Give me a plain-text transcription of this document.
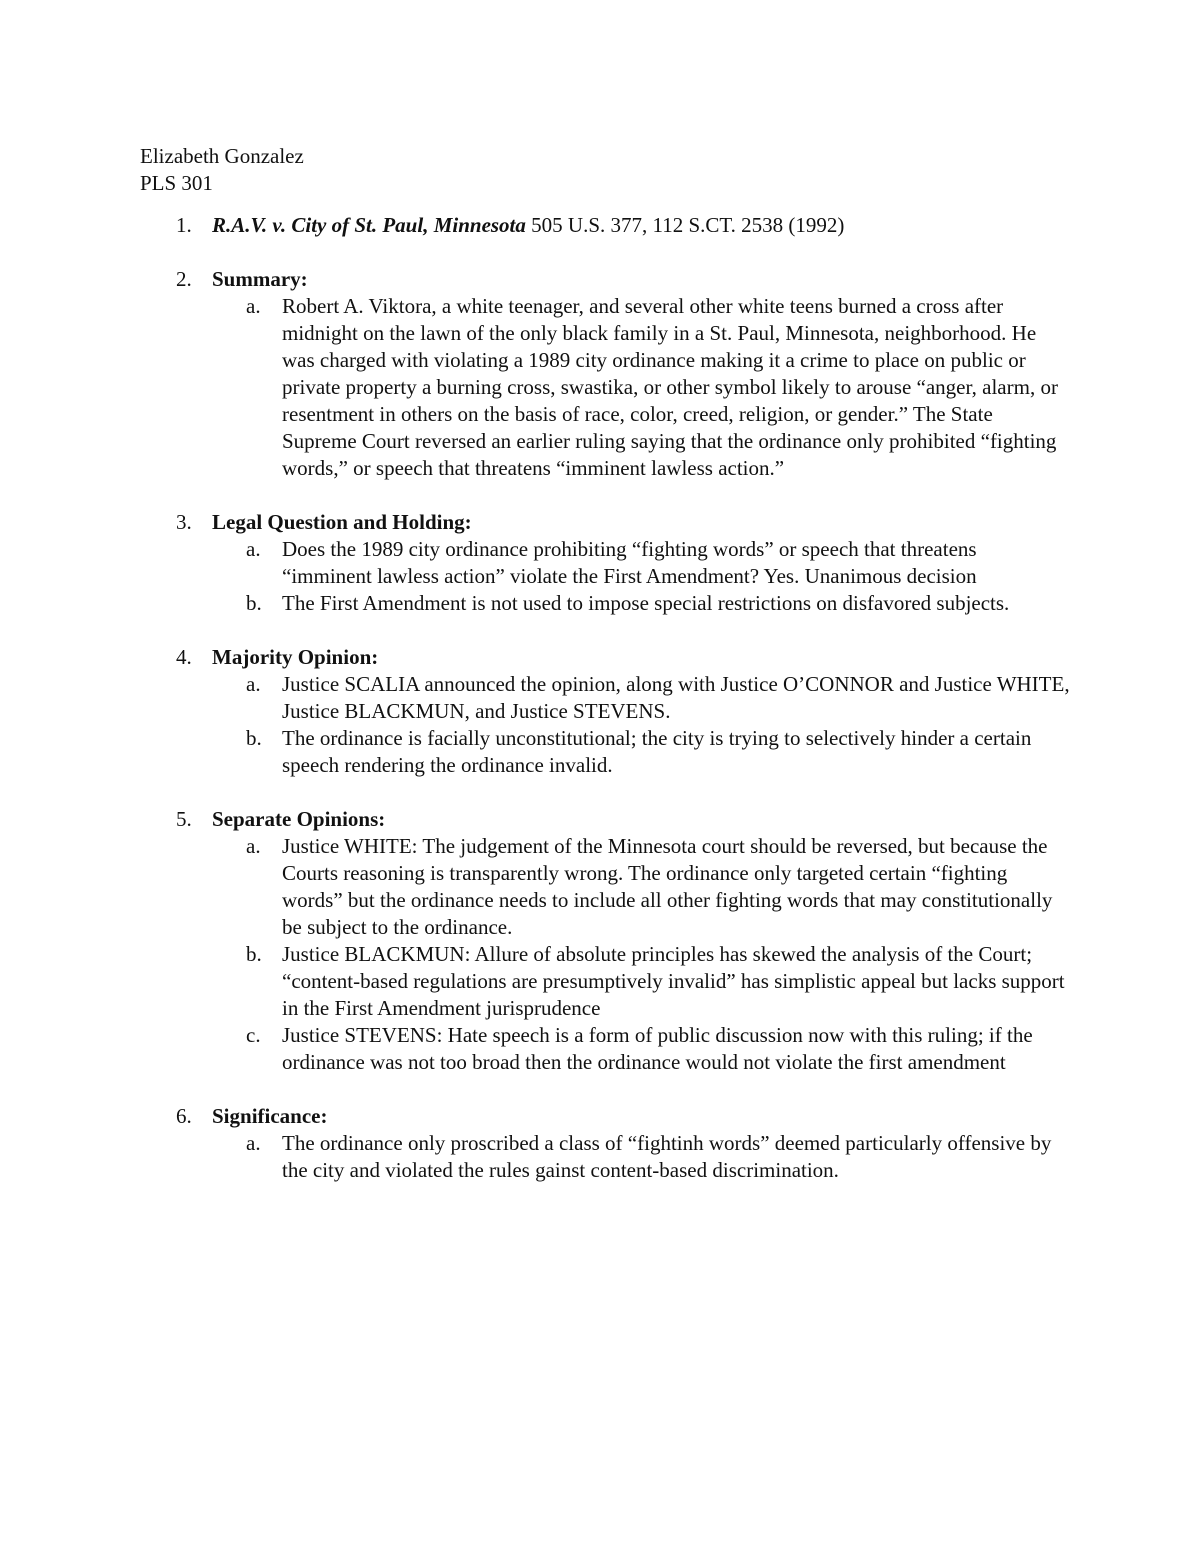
Elizabeth Gonzalez
PLS 301
1. R.A.V. v. City of St. Paul, Minnesota 505 U.S. 377, 112 S.CT. 2538 (1992)
2. Summary:
a. Robert A. Viktora, a white teenager, and several other white teens burned a cross after midnight on the lawn of the only black family in a St. Paul, Minnesota, neighborhood. He was charged with violating a 1989 city ordinance making it a crime to place on public or private property a burning cross, swastika, or other symbol likely to arouse “anger, alarm, or resentment in others on the basis of race, color, creed, religion, or gender.” The State Supreme Court reversed an earlier ruling saying that the ordinance only prohibited “fighting words,” or speech that threatens “imminent lawless action.”
3. Legal Question and Holding:
a. Does the 1989 city ordinance prohibiting “fighting words” or speech that threatens “imminent lawless action” violate the First Amendment? Yes. Unanimous decision
b. The First Amendment is not used to impose special restrictions on disfavored subjects.
4. Majority Opinion:
a. Justice SCALIA announced the opinion, along with Justice O’CONNOR and Justice WHITE, Justice BLACKMUN, and Justice STEVENS.
b. The ordinance is facially unconstitutional; the city is trying to selectively hinder a certain speech rendering the ordinance invalid.
5. Separate Opinions:
a. Justice WHITE: The judgement of the Minnesota court should be reversed, but because the Courts reasoning is transparently wrong. The ordinance only targeted certain “fighting words” but the ordinance needs to include all other fighting words that may constitutionally be subject to the ordinance.
b. Justice BLACKMUN: Allure of absolute principles has skewed the analysis of the Court; “content-based regulations are presumptively invalid” has simplistic appeal but lacks support in the First Amendment jurisprudence
c. Justice STEVENS: Hate speech is a form of public discussion now with this ruling; if the ordinance was not too broad then the ordinance would not violate the first amendment
6. Significance:
a. The ordinance only proscribed a class of “fightinh words” deemed particularly offensive by the city and violated the rules gainst content-based discrimination.
